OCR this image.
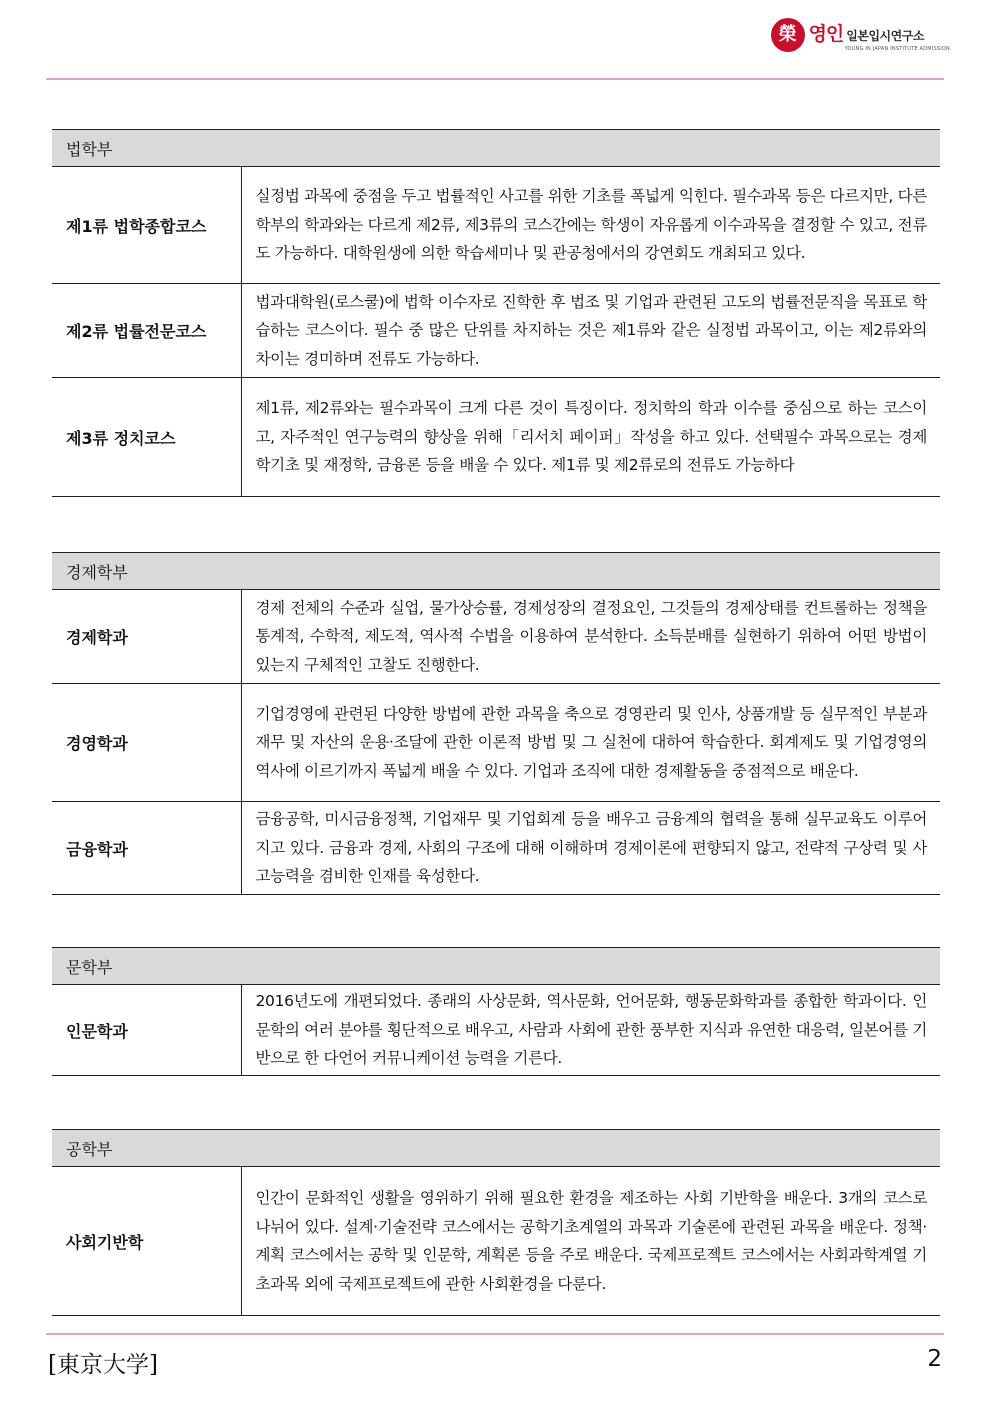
榮 영인 일본입시연구소
YOUNG IN JAPAN INSTITUTE ADMISSION
법학부	
제1류 법학종합코스	실정법 과목에 중점을 두고 법률적인 사고를 위한 기초를 폭넓게 익힌다. 필수과목 등은 다르지만, 다른 학부의 학과와는 다르게 제2류, 제3류의 코스간에는 학생이 자유롭게 이수과목을 결정할 수 있고, 전류도 가능하다. 대학원생에 의한 학습세미나 및 관공청에서의 강연회도 개최되고 있다.
제2류 법률전문코스	법과대학원(로스쿨)에 법학 이수자로 진학한 후 법조 및 기업과 관련된 고도의 법률전문직을 목표로 학습하는 코스이다. 필수 중 많은 단위를 차지하는 것은 제1류와 같은 실정법 과목이고, 이는 제2류와의 차이는 경미하며 전류도 가능하다.
제3류 정치코스	제1류, 제2류와는 필수과목이 크게 다른 것이 특징이다. 정치학의 학과 이수를 중심으로 하는 코스이고, 자주적인 연구능력의 향상을 위해「리서치 페이퍼」작성을 하고 있다. 선택필수 과목으로는 경제학기초 및 재정학, 금융론 등을 배울 수 있다. 제1류 및 제2류로의 전류도 가능하다
경제학부	
경제학과	경제 전체의 수준과 실업, 물가상승률, 경제성장의 결정요인, 그것들의 경제상태를 컨트롤하는 정책을 통계적, 수학적, 제도적, 역사적 수법을 이용하여 분석한다. 소득분배를 실현하기 위하여 어떤 방법이 있는지 구체적인 고찰도 진행한다.
경영학과	기업경영에 관련된 다양한 방법에 관한 과목을 축으로 경영관리 및 인사, 상품개발 등 실무적인 부분과 재무 및 자산의 운용·조달에 관한 이론적 방법 및 그 실천에 대하여 학습한다. 회계제도 및 기업경영의 역사에 이르기까지 폭넓게 배울 수 있다. 기업과 조직에 대한 경제활동을 중점적으로 배운다.
금융학과	금융공학, 미시금융정책, 기업재무 및 기업회계 등을 배우고 금융계의 협력을 통해 실무교육도 이루어지고 있다. 금융과 경제, 사회의 구조에 대해 이해하며 경제이론에 편향되지 않고, 전략적 구상력 및 사고능력을 겸비한 인재를 육성한다.
문학부
인문학과	2016년도에 개편되었다. 종래의 사상문화, 역사문화, 언어문화, 행동문화학과를 종합한 학과이다. 인문학의 여러 분야를 횡단적으로 배우고, 사람과 사회에 관한 풍부한 지식과 유연한 대응력, 일본어를 기반으로 한 다언어 커뮤니케이션 능력을 기른다.
공학부
사회기반학	인간이 문화적인 생활을 영위하기 위해 필요한 환경을 제조하는 사회 기반학을 배운다. 3개의 코스로 나뉘어 있다. 설계·기술전략 코스에서는 공학기초계열의 과목과 기술론에 관련된 과목을 배운다. 정책·계획 코스에서는 공학 및 인문학, 계획론 등을 주로 배운다. 국제프로젝트 코스에서는 사회과학계열 기초과목 외에 국제프로젝트에 관한 사회환경을 다룬다.
[東京大学]	2
